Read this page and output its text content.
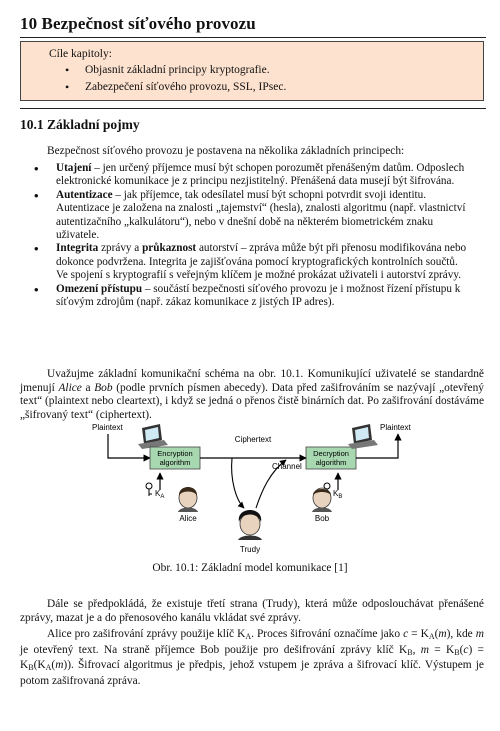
10 Bezpečnost síťového provozu
Cíle kapitoly:
• Objasnit základní principy kryptografie.
• Zabezpečení síťového provozu, SSL, IPsec.
10.1 Základní pojmy
Bezpečnost síťového provozu je postavena na několika základních principech:
• Utajení – jen určený příjemce musí být schopen porozumět přenášeným datům. Odposlech elektronické komunikace je z principu nezjistitelný. Přenášená data musejí být šifrována.
• Autentizace – jak příjemce, tak odesílatel musí být schopni potvrdit svoji identitu. Autentizace je založena na znalosti „tajemství“ (hesla), znalosti algoritmu (např. vlastnictví autentizačního „kalkulátoru“), nebo v dnešní době na některém biometrickém znaku uživatele.
• Integrita zprávy a průkaznost autorství – zpráva může být při přenosu modifikována nebo dokonce podvržena. Integrita je zajišťována pomocí kryptografických kontrolních součtů. Ve spojení s kryptografií s veřejným klíčem je možné prokázat uživateli i autorství zprávy.
• Omezení přístupu – součástí bezpečnosti síťového provozu je i možnost řízení přístupu k síťovým zdrojům (např. zákaz komunikace z jistých IP adres).
Uvažujme základní komunikační schéma na obr. 10.1. Komunikující uživatelé se standardně jmenují Alice a Bob (podle prvních písmen abecedy). Data před zašifrováním se nazývají „otevřený text“ (plaintext nebo cleartext), i když se jedná o přenos čistě binárních dat. Po zašifrování dostáváme „šifrovaný text“ (ciphertext).
Plaintext	Plaintext
Encryption
algorithm
Decryption
algorithm
Ciphertext
Channel
$K_A$	$K_B$
Alice	Bob
Trudy
Obr. 10.1: Základní model komunikace [1]
Dále se předpokládá, že existuje třetí strana (Trudy), která může odposlouchávat přenášené zprávy, mazat je a do přenosového kanálu vkládat své zprávy.
Alice pro zašifrování zprávy použije klíč $K_A$. Proces šifrování označíme jako $c = K_A(m)$, kde m je otevřený text. Na straně příjemce Bob použije pro dešifrování zprávy klíč $K_B$, $m = K_B(c) = K_B(K_A(m))$. Šifrovací algoritmus je předpis, jehož vstupem je zpráva a šifrovací klíč. Výstupem je potom zašifrovaná zpráva.
